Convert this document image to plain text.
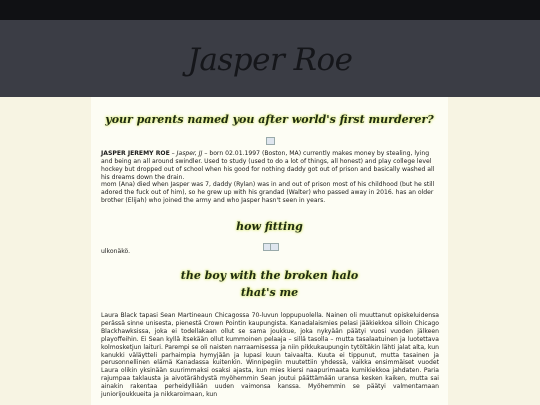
Jasper Roe
your parents named you after world's first murderer?
JASPER JEREMY ROE – Jasper, JJ – born 02.01.1997 (Boston, MA) currently makes money by stealing, lying and being an all around swindler. Used to study (used to do a lot of things, all honest) and play college level hockey but dropped out of school when his good for nothing daddy got out of prison and basically washed all his dreams down the drain.
mom (Ana) died when Jasper was 7, daddy (Rylan) was in and out of prison most of his childhood (but he still adored the fuck out of him), so he grew up with his grandad (Walter) who passed away in 2016. has an older brother (Elijah) who joined the army and who Jasper hasn't seen in years.
how fitting
ulkonäkö.
the boy with the broken halo
that's me
Laura Black tapasi Sean Martineaun Chicagossa 70-luvun loppupuolella. Nainen oli muuttanut opiskeluidensa perässä sinne unisesta, pienestä Crown Pointin kaupungista. Kanadalaismies pelasi jääkiekkoa silloin Chicago Blackhawksissa, joka ei todellakaan ollut se sama joukkue, joka nykyään päätyi vuosi vuoden jälkeen playoffeihin. Ei Sean kyllä itsekään ollut kummoinen pelaaja – sillä tasolla – mutta tasalaatuinen ja luotettava kolmosketjun laituri. Parempi se oli naisten narraamisessa ja niin pikkukaupungin tytöltäkin lähti jalat alta, kun kanukki väläytteli parhaimpia hymyjään ja lupasi kuun taivaalta. Kuuta ei tippunut, mutta tasainen ja perusonnellinen elämä Kanadassa kuitenkin. Winnipegiin muutettiin yhdessä, vaikka ensimmäiset vuodet Laura olikin yksinään suurimmaksi osaksi ajasta, kun mies kiersi naapurimaata kumikiekkoa jahdaten. Pariа rajumpaa taklausta ja aivotärähdystä myöhemmin Sean joutui päättämään uransa kesken kaiken, mutta sai ainakin rakentaa perheidylliään uuden vaimonsa kanssa. Myöhemmin se päätyi valmentamaan juniorijoukkueita ja nikkaroimaan, kun
